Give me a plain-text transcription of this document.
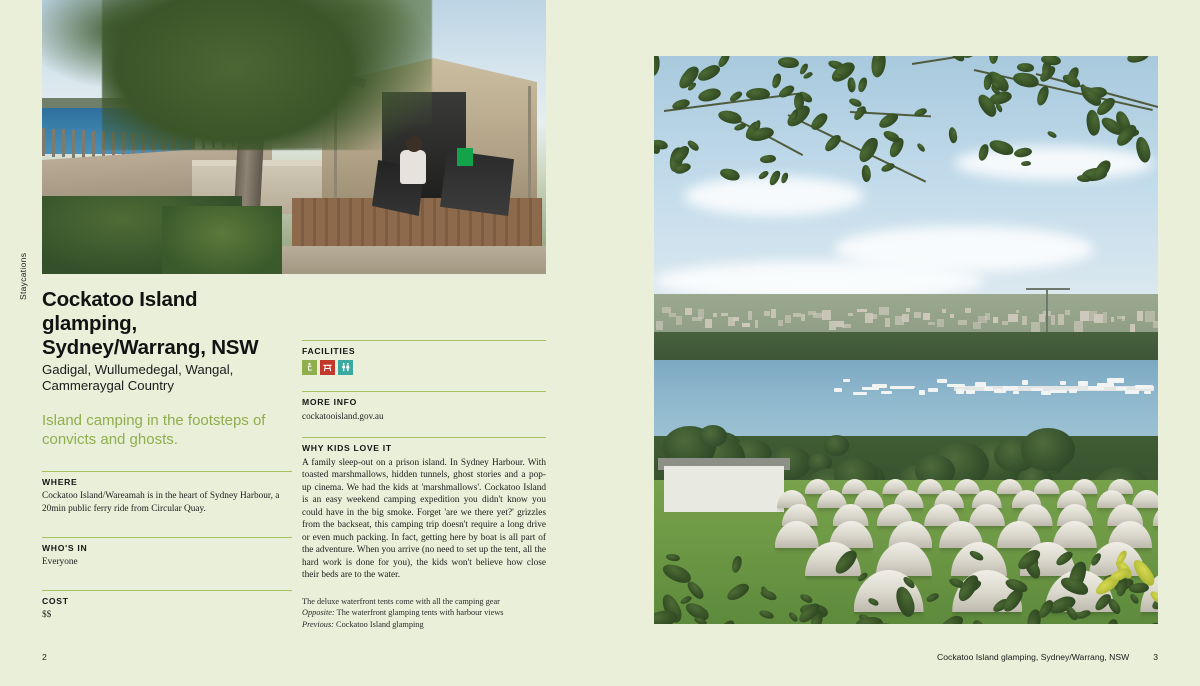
Staycations Cockatoo Island glamping, Sydney/Warrang, NSW
Gadigal, Wullumedegal, Wangal, Cammeraygal Country
Island camping in the footsteps of convicts and ghosts.
WHERE

Cockatoo Island/Wareamah is in the heart of Sydney Harbour, a 20min public ferry ride from Circular Quay.

WHO'S IN

Everyone

COST

$$

FACILITIES
MORE INFO
cockatooisland.gov.au
WHY KIDS LOVE IT

A family sleep-out on a prison island. In Sydney Harbour. With toasted marshmallows, hidden tunnels, ghost stories and a pop-up cinema. We had the kids at 'marshmallows'. Cockatoo Island is an easy weekend camping expedition you didn't know you could have in the big smoke. Forget 'are we there yet?' grizzles from the backseat, this camping trip doesn't require a long drive or even much packing. In fact, getting here by boat is all part of the adventure. When you arrive (no need to set up the tent, all the hard work is done for you), the kids won't believe how close their beds are to the water.

The deluxe waterfront tents come with all the camping gear
Opposite: The waterfront glamping tents with harbour views
Previous: Cockatoo Island glamping
2	Cockatoo Island glamping, Sydney/Warrang, NSW	3
